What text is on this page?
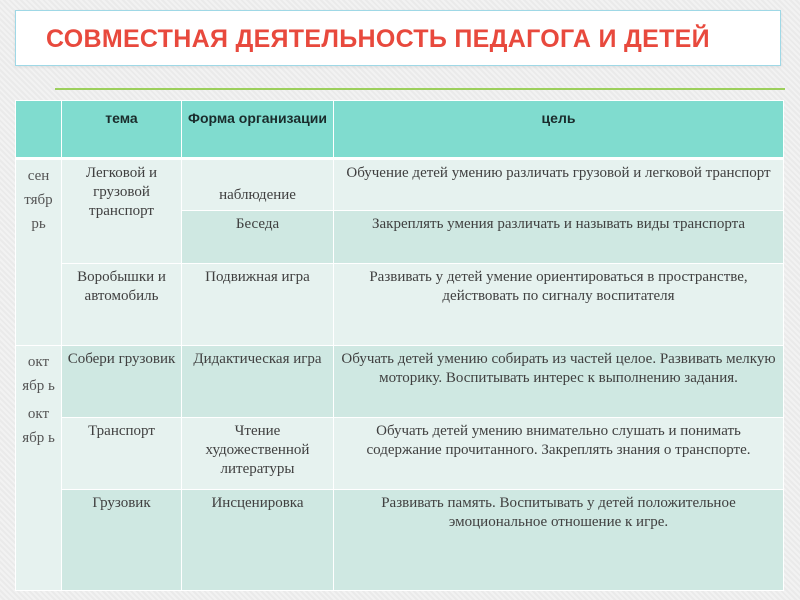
СОВМЕСТНАЯ ДЕЯТЕЛЬНОСТЬ ПЕДАГОГА И ДЕТЕЙ
	тема	Форма организации	цель

сен тябр рь	Легковой и грузовой транспорт	наблюдение	Обучение детей умению различать грузовой и легковой транспорт
		Беседа	Закреплять умения различать и называть виды транспорта
	Воробышки и автомобиль	Подвижная игра	Развивать у детей умение ориентироваться в пространстве, действовать по сигналу воспитателя

окт ябр ь
окт ябр ь	Собери грузовик	Дидактическая игра	Обучать детей умению собирать из частей целое. Развивать мелкую моторику. Воспитывать интерес к выполнению задания.
	Транспорт	Чтение художественной литературы	Обучать детей умению внимательно слушать и понимать содержание прочитанного. Закреплять знания о транспорте.
	Грузовик	Инсценировка	Развивать память. Воспитывать у детей положительное эмоциональное отношение к игре.
